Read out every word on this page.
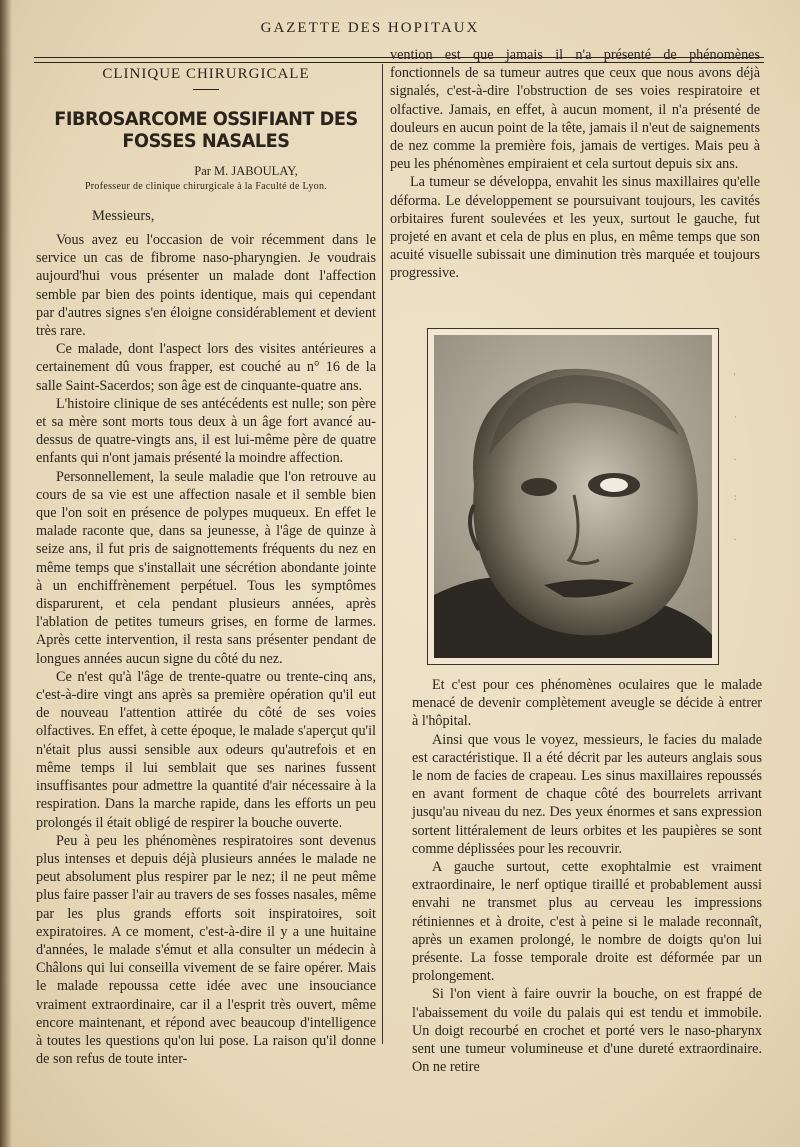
GAZETTE DES HOPITAUX
CLINIQUE CHIRURGICALE
FIBROSARCOME OSSIFIANT DES FOSSES NASALES
Par M. JABOULAY,
Professeur de clinique chirurgicale à la Faculté de Lyon.
Messieurs,

Vous avez eu l'occasion de voir récemment dans le service un cas de fibrome naso-pharyngien. Je voudrais aujourd'hui vous présenter un malade dont l'affection semble par bien des points identique, mais qui cependant par d'autres signes s'en éloigne considérablement et devient très rare.

Ce malade, dont l'aspect lors des visites antérieures a certainement dû vous frapper, est couché au n° 16 de la salle Saint-Sacerdos; son âge est de cinquante-quatre ans.

L'histoire clinique de ses antécédents est nulle; son père et sa mère sont morts tous deux à un âge fort avancé au-dessus de quatre-vingts ans, il est lui-même père de quatre enfants qui n'ont jamais présenté la moindre affection.

Personnellement, la seule maladie que l'on retrouve au cours de sa vie est une affection nasale et il semble bien que l'on soit en présence de polypes muqueux. En effet le malade raconte que, dans sa jeunesse, à l'âge de quinze à seize ans, il fut pris de saignottements fréquents du nez en même temps que s'installait une sécrétion abondante jointe à un enchiffrènement perpétuel. Tous les symptômes disparurent, et cela pendant plusieurs années, après l'ablation de petites tumeurs grises, en forme de larmes. Après cette intervention, il resta sans présenter pendant de longues années aucun signe du côté du nez.

Ce n'est qu'à l'âge de trente-quatre ou trente-cinq ans, c'est-à-dire vingt ans après sa première opération qu'il eut de nouveau l'attention attirée du côté de ses voies olfactives. En effet, à cette époque, le malade s'aperçut qu'il n'était plus aussi sensible aux odeurs qu'autrefois et en même temps il lui semblait que ses narines fussent insuffisantes pour admettre la quantité d'air nécessaire à la respiration. Dans la marche rapide, dans les efforts un peu prolongés il était obligé de respirer la bouche ouverte.

Peu à peu les phénomènes respiratoires sont devenus plus intenses et depuis déjà plusieurs années le malade ne peut absolument plus respirer par le nez; il ne peut même plus faire passer l'air au travers de ses fosses nasales, même par les plus grands efforts soit inspiratoires, soit expiratoires. A ce moment, c'est-à-dire il y a une huitaine d'années, le malade s'émut et alla consulter un médecin à Châlons qui lui conseilla vivement de se faire opérer. Mais le malade repoussa cette idée avec une insouciance vraiment extraordinaire, car il a l'esprit très ouvert, même encore maintenant, et répond avec beaucoup d'intelligence à toutes les questions qu'on lui pose. La raison qu'il donne de son refus de toute inter-

vention est que jamais il n'a présenté de phénomènes fonctionnels de sa tumeur autres que ceux que nous avons déjà signalés, c'est-à-dire l'obstruction de ses voies respiratoire et olfactive. Jamais, en effet, à aucun moment, il n'a présenté de douleurs en aucun point de la tête, jamais il n'eut de saignements de nez comme la première fois, jamais de vertiges. Mais peu à peu les phénomènes empiraient et cela surtout depuis six ans.

La tumeur se développa, envahit les sinus maxillaires qu'elle déforma. Le développement se poursuivant toujours, les cavités orbitaires furent soulevées et les yeux, surtout le gauche, fut projeté en avant et cela de plus en plus, en même temps que son acuité visuelle subissait une diminution très marquée et toujours progressive.

'
·
.
:
.

Et c'est pour ces phénomènes oculaires que le malade menacé de devenir complètement aveugle se décide à entrer à l'hôpital.

Ainsi que vous le voyez, messieurs, le facies du malade est caractéristique. Il a été décrit par les auteurs anglais sous le nom de facies de crapeau. Les sinus maxillaires repoussés en avant forment de chaque côté des bourrelets arrivant jusqu'au niveau du nez. Des yeux énormes et sans expression sortent littéralement de leurs orbites et les paupières se sont comme déplissées pour les recouvrir.

A gauche surtout, cette exophtalmie est vraiment extraordinaire, le nerf optique tiraillé et probablement aussi envahi ne transmet plus au cerveau les impressions rétiniennes et à droite, c'est à peine si le malade reconnaît, après un examen prolongé, le nombre de doigts qu'on lui présente. La fosse temporale droite est déformée par un prolongement.

Si l'on vient à faire ouvrir la bouche, on est frappé de l'abaissement du voile du palais qui est tendu et immobile. Un doigt recourbé en crochet et porté vers le naso-pharynx sent une tumeur volumineuse et d'une dureté extraordinaire. On ne retire
